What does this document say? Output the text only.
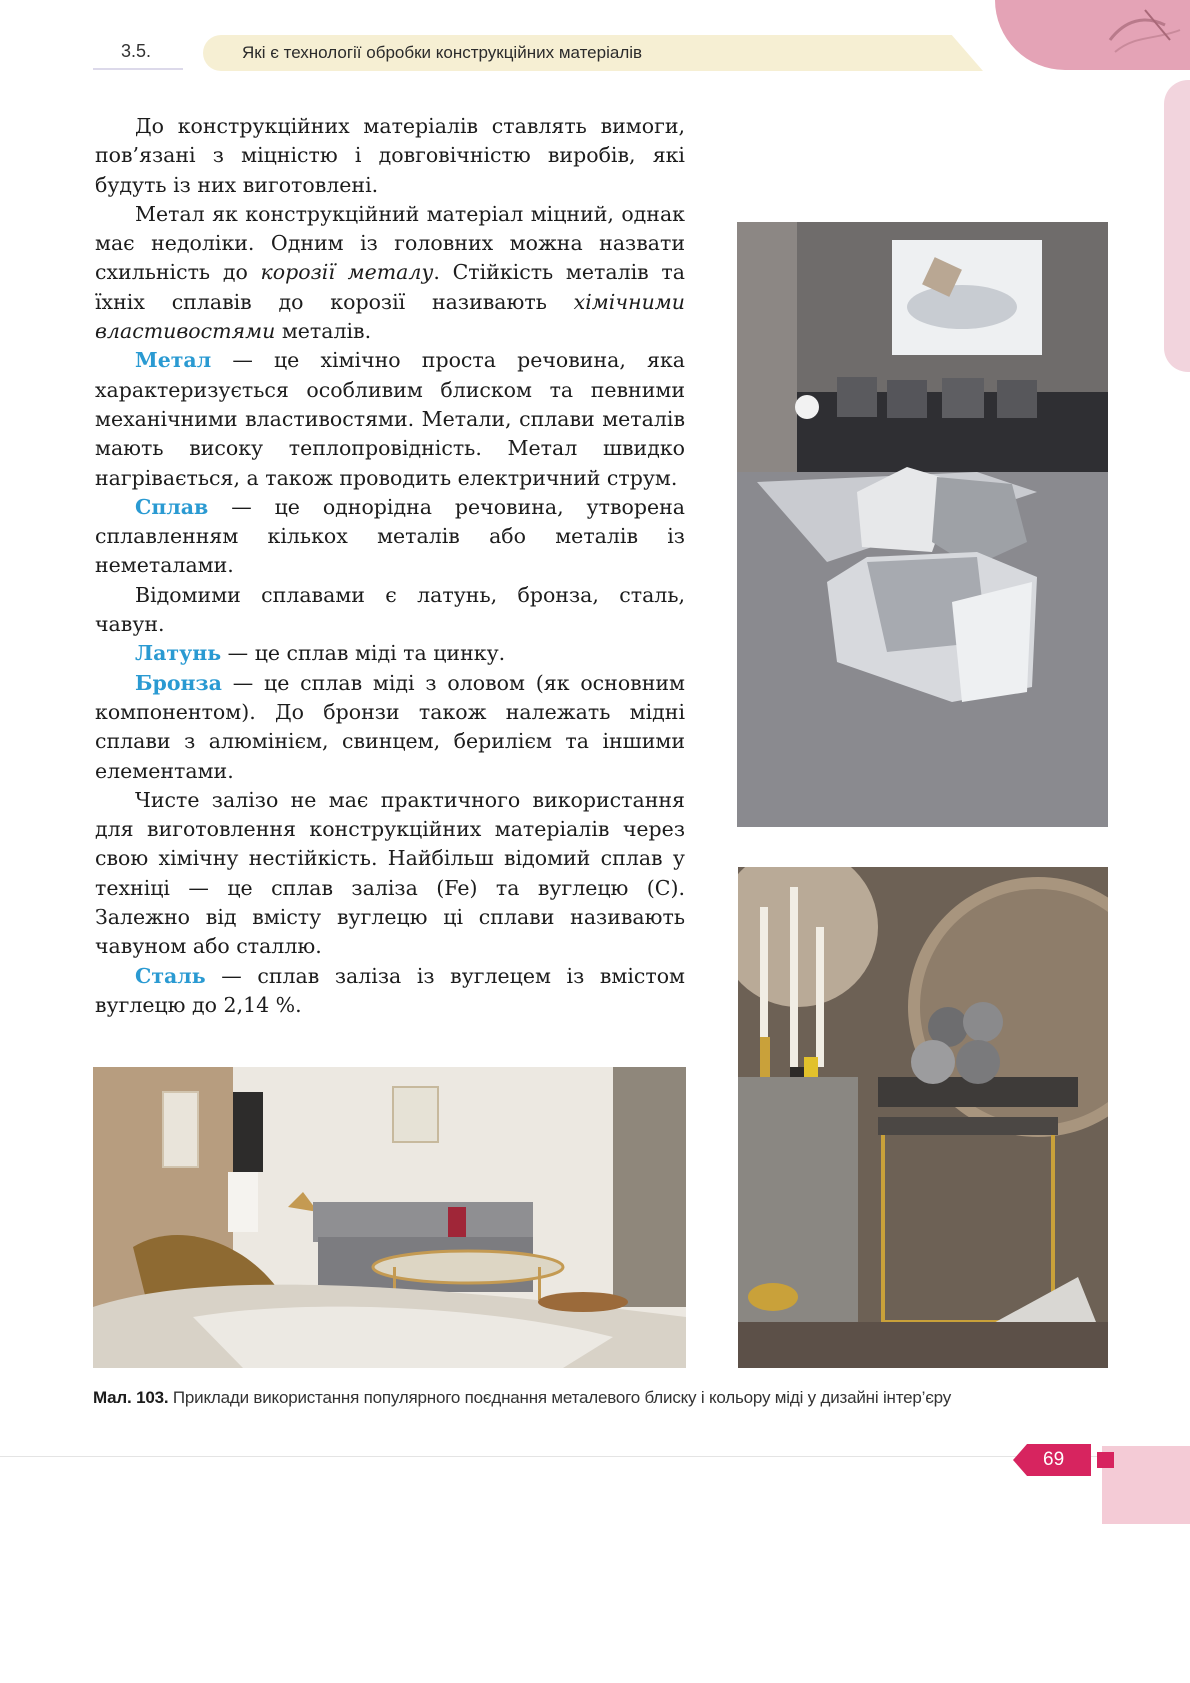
3.5.	Які є технології обробки конструкційних матеріалів

До конструкційних матеріалів ставлять вимоги, пов’язані з міцністю і довговічністю виробів, які будуть із них виготовлені.

Метал як конструкційний матеріал міцний, однак має недоліки. Одним із головних можна назвати схильність до корозії металу. Стійкість металів та їхніх сплавів до корозії називають хімічними властивостями металів.

Метал — це хімічно проста речовина, яка характеризується особливим блиском та певними механічними властивостями. Метали, сплави металів мають високу теплопровідність. Метал швидко нагрівається, а також проводить електричний струм.

Сплав — це однорідна речовина, утворена сплавленням кількох металів або металів із неметалами.

Відомими сплавами є латунь, бронза, сталь, чавун.

Латунь — це сплав міді та цинку.

Бронза — це сплав міді з оловом (як основним компонентом). До бронзи також належать мідні сплави з алюмінієм, свинцем, берилієм та іншими елементами.

Чисте залізо не має практичного використання для виготовлення конструкційних матеріалів через свою хімічну нестійкість. Найбільш відомий сплав у техніці — це сплав заліза (Fe) та вуглецю (C). Залежно від вмісту вуглецю ці сплави називають чавуном або сталлю.

Сталь — сплав заліза із вуглецем із вмістом вуглецю до 2,14 %.

Мал. 103. Приклади використання популярного поєднання металевого блиску і кольору міді у дизайні інтер’єру
69
